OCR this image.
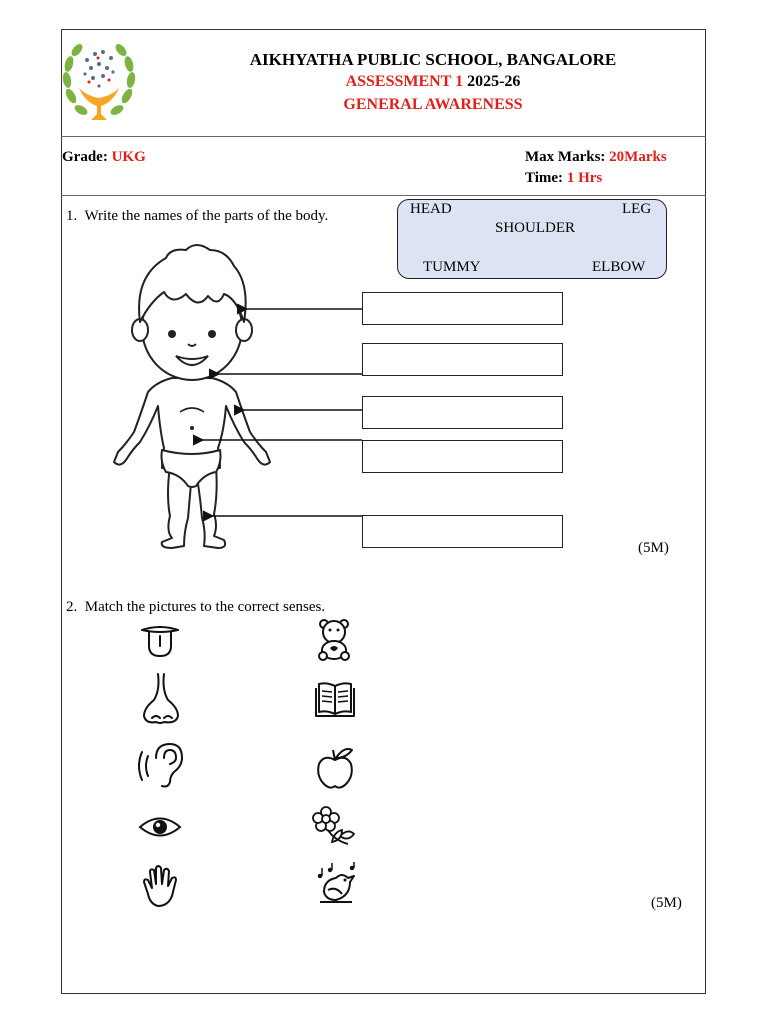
AIKHYATHA PUBLIC SCHOOL, BANGALORE
ASSESSMENT 1 2025-26
GENERAL AWARENESS
Grade: UKG	Max Marks: 20Marks
Time: 1 Hrs
1. Write the names of the parts of the body.	HEAD	LEG
SHOULDER
TUMMY	ELBOW
(5M)
2. Match the pictures to the correct senses.
(5M)
